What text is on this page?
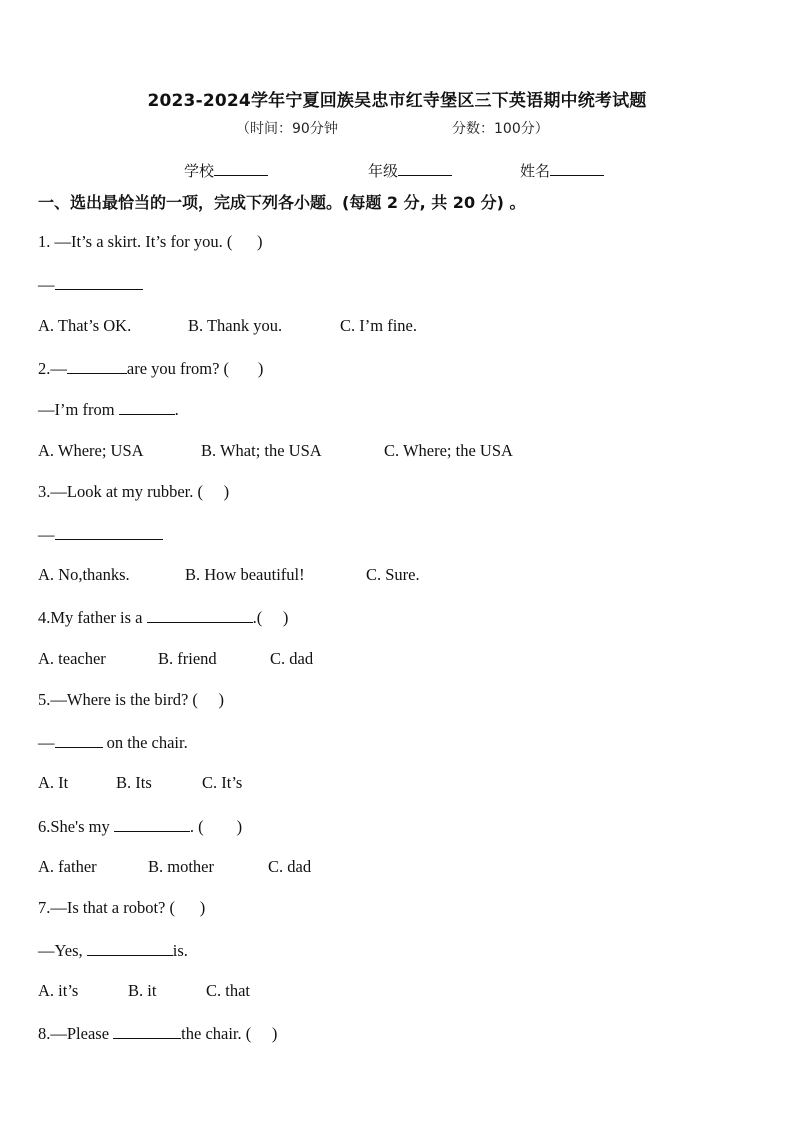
2023-2024学年宁夏回族吴忠市红寺堡区三下英语期中统考试题
（时间：90分钟	分数：100分）
学校	年级	姓名
一、选出最恰当的一项，完成下列各小题。(每题 2 分, 共 20 分) 。
1. —It’s a skirt. It’s for you. (      )
—
A. That’s OK.	B. Thank you.	C. I’m fine.
2.—	are you from? (       )
—I’m from	.
A. Where; USA	B. What; the USA	C. Where; the USA
3.—Look at my rubber. (     )
—
A. No,thanks.	B. How beautiful!	C. Sure.
4.My father is a	.(     )
A. teacher	B. friend	C. dad
5.—Where is the bird? (     )
—	on the chair.
A. It	B. Its	C. It’s
6.She's my	. (        )
A. father	B. mother	C. dad
7.—Is that a robot? (      )
—Yes,	is.
A. it’s	B. it	C. that
8.—Please	the chair. (     )
